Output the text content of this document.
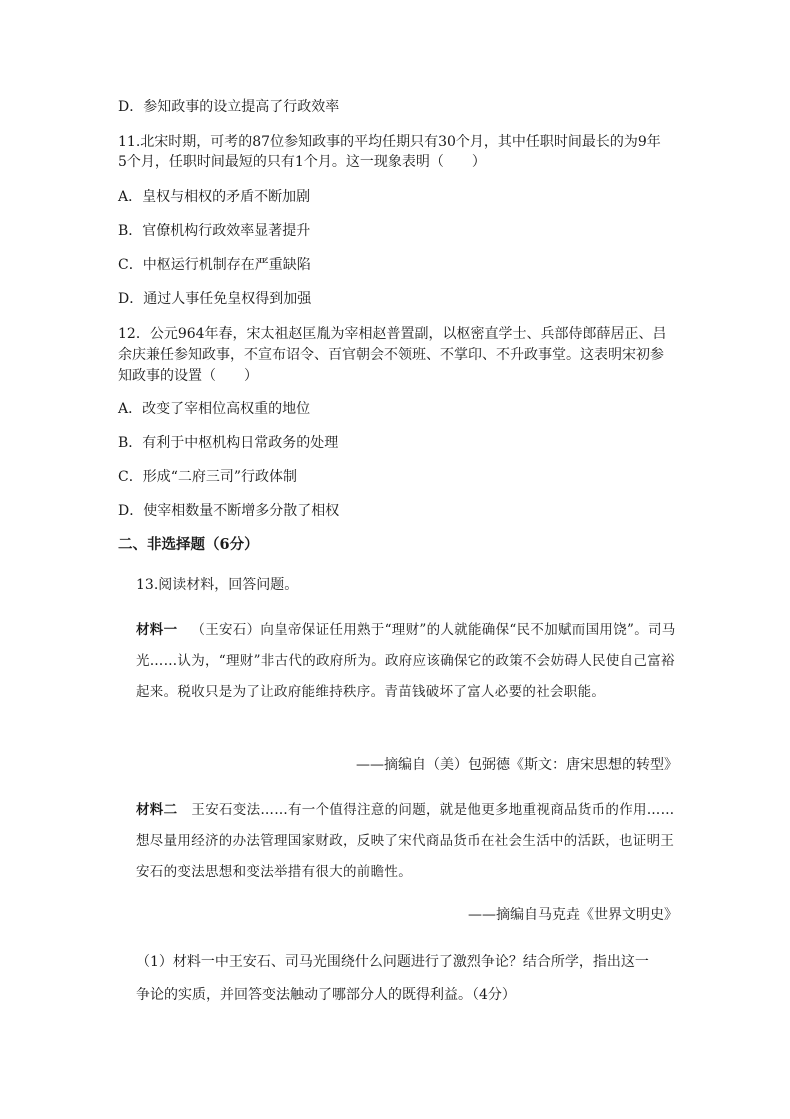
D．参知政事的设立提高了行政效率
11.北宋时期，可考的87位参知政事的平均任期只有30个月，其中任职时间最长的为9年
5个月，任职时间最短的只有1个月。这一现象表明（　　）
A．皇权与相权的矛盾不断加剧
B．官僚机构行政效率显著提升
C．中枢运行机制存在严重缺陷
D．通过人事任免皇权得到加强
12．公元964年春，宋太祖赵匡胤为宰相赵普置副，以枢密直学士、兵部侍郎薛居正、吕
余庆兼任参知政事，不宣布诏令、百官朝会不领班、不掌印、不升政事堂。这表明宋初参
知政事的设置（　　）
A．改变了宰相位高权重的地位
B．有利于中枢机构日常政务的处理
C．形成“二府三司”行政体制
D．使宰相数量不断增多分散了相权
二、非选择题（6分）
13.阅读材料，回答问题。
材料一 （王安石）向皇帝保证任用熟于“理财”的人就能确保“民不加赋而国用饶”。司马光……认为，“理财”非古代的政府所为。政府应该确保它的政策不会妨碍人民使自己富裕起来。税收只是为了让政府能维持秩序。青苗钱破坏了富人必要的社会职能。
——摘编自（美）包弼德《斯文：唐宋思想的转型》
材料二 王安石变法……有一个值得注意的问题，就是他更多地重视商品货币的作用……想尽量用经济的办法管理国家财政，反映了宋代商品货币在社会生活中的活跃，也证明王安石的变法思想和变法举措有很大的前瞻性。
——摘编自马克垚《世界文明史》
（1）材料一中王安石、司马光围绕什么问题进行了激烈争论？结合所学，指出这一
争论的实质，并回答变法触动了哪部分人的既得利益。（4分）
